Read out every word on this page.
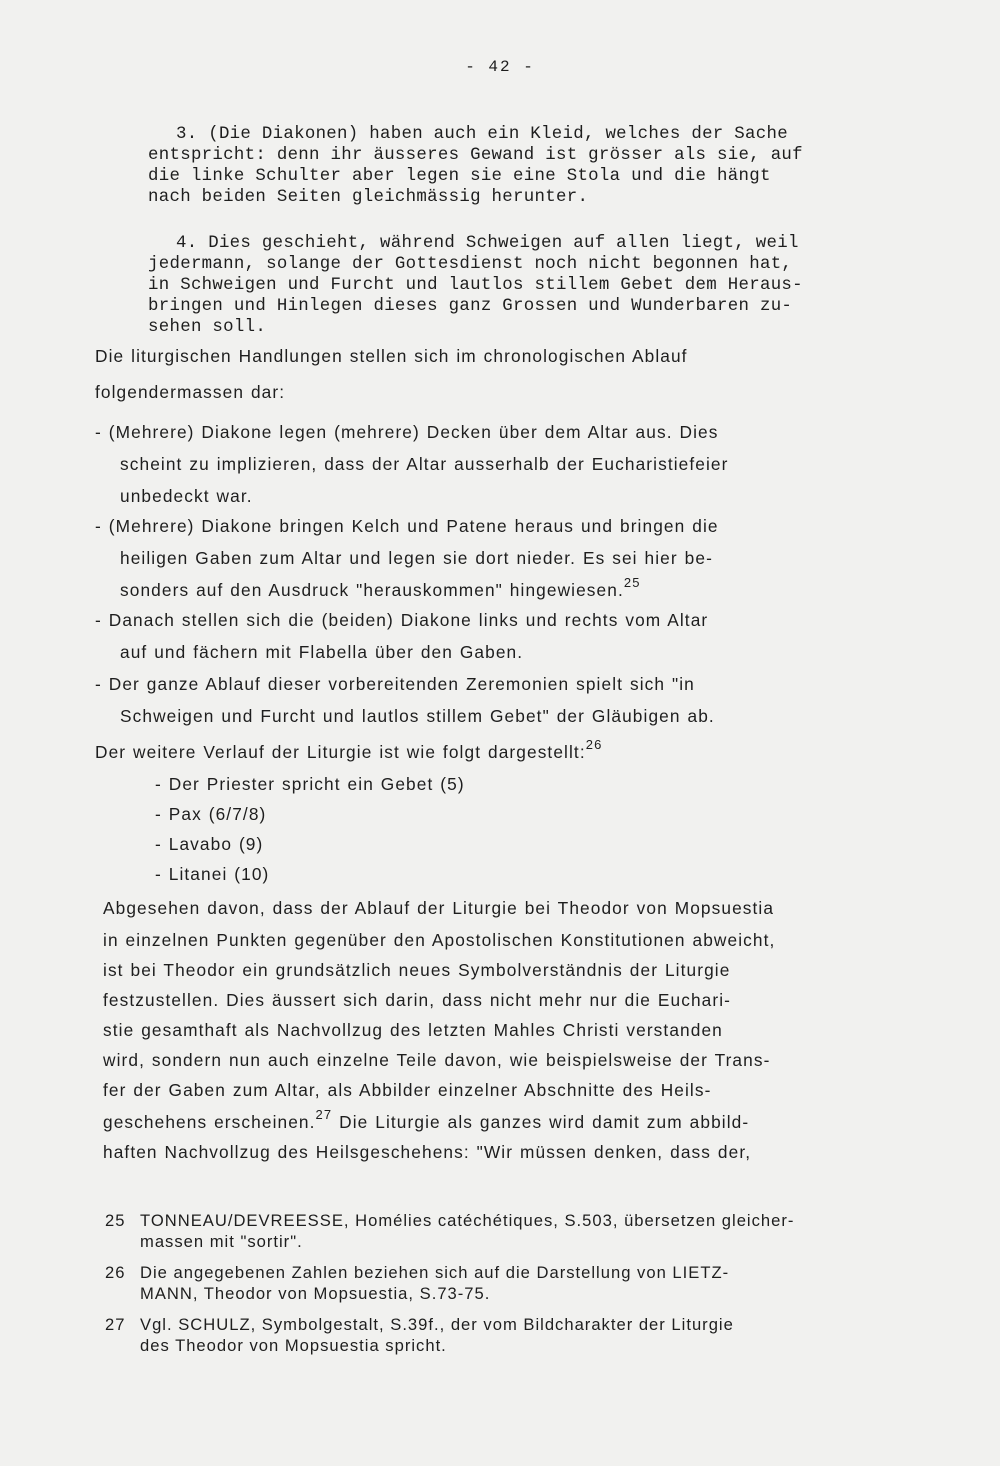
- 42 -

3. (Die Diakonen) haben auch ein Kleid, welches der Sache

entspricht: denn ihr äusseres Gewand ist grösser als sie, auf

die linke Schulter aber legen sie eine Stola und die hängt

nach beiden Seiten gleichmässig herunter.

4. Dies geschieht, während Schweigen auf allen liegt, weil

jedermann, solange der Gottesdienst noch nicht begonnen hat,

in Schweigen und Furcht und lautlos stillem Gebet dem Heraus-

bringen und Hinlegen dieses ganz Grossen und Wunderbaren zu-

sehen soll.

Die liturgischen Handlungen stellen sich im chronologischen Ablauf
folgendermassen dar:
- (Mehrere) Diakone legen (mehrere) Decken über dem Altar aus. Dies
scheint zu implizieren, dass der Altar ausserhalb der Eucharistiefeier
unbedeckt war.
- (Mehrere) Diakone bringen Kelch und Patene heraus und bringen die
heiligen Gaben zum Altar und legen sie dort nieder. Es sei hier be-
sonders auf den Ausdruck "herauskommen" hingewiesen.$^{25}$
- Danach stellen sich die (beiden) Diakone links und rechts vom Altar
auf und fächern mit Flabella über den Gaben.
- Der ganze Ablauf dieser vorbereitenden Zeremonien spielt sich "in
Schweigen und Furcht und lautlos stillem Gebet" der Gläubigen ab.
Der weitere Verlauf der Liturgie ist wie folgt dargestellt:$^{26}$
- Der Priester spricht ein Gebet (5)
- Pax (6/7/8)
- Lavabo (9)
- Litanei (10)
Abgesehen davon, dass der Ablauf der Liturgie bei Theodor von Mopsuestia
in einzelnen Punkten gegenüber den Apostolischen Konstitutionen abweicht,
ist bei Theodor ein grundsätzlich neues Symbolverständnis der Liturgie
festzustellen. Dies äussert sich darin, dass nicht mehr nur die Euchari-
stie gesamthaft als Nachvollzug des letzten Mahles Christi verstanden
wird, sondern nun auch einzelne Teile davon, wie beispielsweise der Trans-
fer der Gaben zum Altar, als Abbilder einzelner Abschnitte des Heils-
geschehens erscheinen.$^{27}$ Die Liturgie als ganzes wird damit zum abbild-
haften Nachvollzug des Heilsgeschehens: "Wir müssen denken, dass der,
25 TONNEAU/DEVREESSE, Homélies catéchétiques, S.503, übersetzen gleicher-
massen mit "sortir".
26 Die angegebenen Zahlen beziehen sich auf die Darstellung von LIETZ-
MANN, Theodor von Mopsuestia, S.73-75.
27 Vgl. SCHULZ, Symbolgestalt, S.39f., der vom Bildcharakter der Liturgie
des Theodor von Mopsuestia spricht.
